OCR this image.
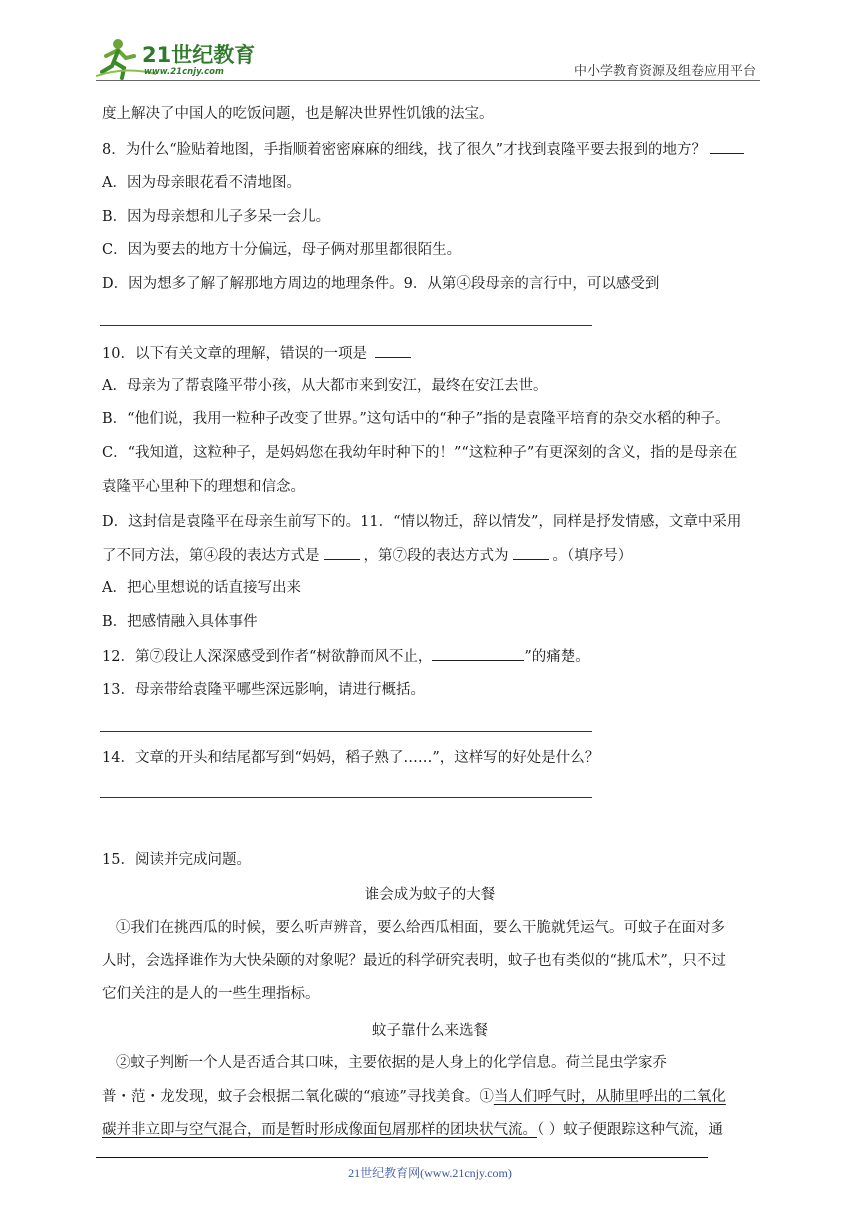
21世纪教育
www.21cnjy.com	中小学教育资源及组卷应用平台
度上解决了中国人的吃饭问题，也是解决世界性饥饿的法宝。
8．为什么“脸贴着地图，手指顺着密密麻麻的细线，找了很久”才找到袁隆平要去报到的地方？
A．因为母亲眼花看不清地图。
B．因为母亲想和儿子多呆一会儿。
C．因为要去的地方十分偏远，母子俩对那里都很陌生。
D．因为想多了解了解那地方周边的地理条件。9．从第④段母亲的言行中，可以感受到
10．以下有关文章的理解，错误的一项是
A．母亲为了帮袁隆平带小孩，从大都市来到安江，最终在安江去世。
B．“他们说，我用一粒种子改变了世界。”这句话中的“种子”指的是袁隆平培育的杂交水稻的种子。
C．“我知道，这粒种子，是妈妈您在我幼年时种下的！”“这粒种子”有更深刻的含义，指的是母亲在
袁隆平心里种下的理想和信念。
D．这封信是袁隆平在母亲生前写下的。11．“情以物迁，辞以情发”，同样是抒发情感，文章中采用
了不同方法，第④段的表达方式是	，第⑦段的表达方式为	。（填序号）
A．把心里想说的话直接写出来
B．把感情融入具体事件
12．第⑦段让人深深感受到作者“树欲静而风不止，	”的痛楚。
13．母亲带给袁隆平哪些深远影响，请进行概括。
14．文章的开头和结尾都写到“妈妈，稻子熟了……”，这样写的好处是什么？
15．阅读并完成问题。
谁会成为蚊子的大餐
①我们在挑西瓜的时候，要么听声辨音，要么给西瓜相面，要么干脆就凭运气。可蚊子在面对多
人时，会选择谁作为大快朵颐的对象呢？最近的科学研究表明，蚊子也有类似的“挑瓜术”，只不过
它们关注的是人的一些生理指标。
蚊子靠什么来选餐
②蚊子判断一个人是否适合其口味，主要依据的是人身上的化学信息。荷兰昆虫学家乔
普・范・龙发现，蚊子会根据二氧化碳的“痕迹”寻找美食。①当人们呼气时，从肺里呼出的二氧化
碳并非立即与空气混合，而是暂时形成像面包屑那样的团块状气流。（ ）蚊子便跟踪这种气流，通
21世纪教育网(www.21cnjy.com)
